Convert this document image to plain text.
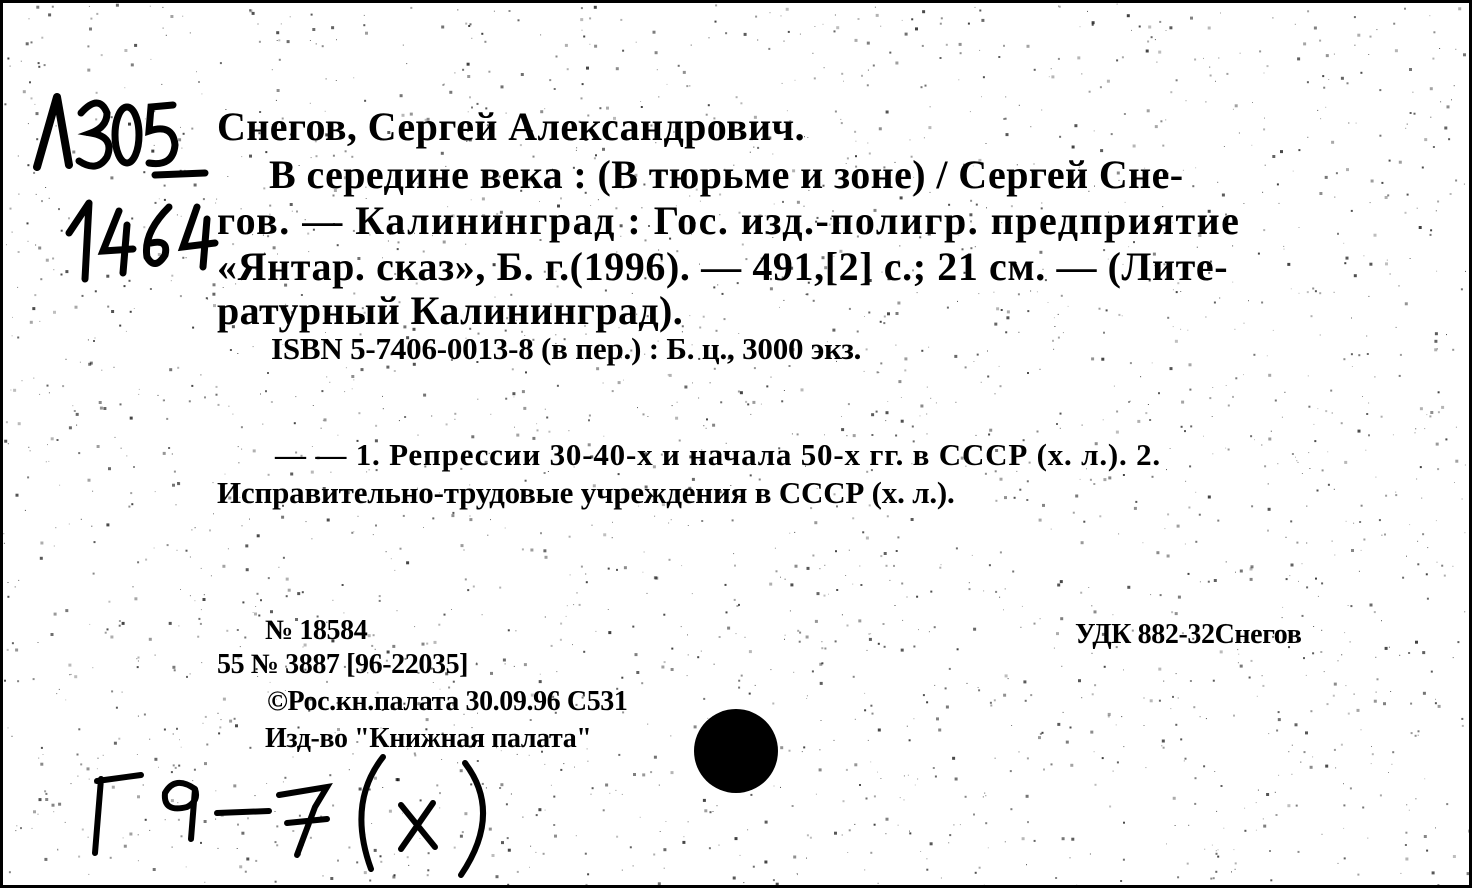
Снегов, Сергей Александрович.
В середине века : (В тюрьме и зоне) / Сергей Сне-
гов. — Калининград : Гос. изд.-полигр. предприятие
«Янтар. сказ», Б. г.(1996). — 491,[2] с.; 21 см. — (Лите-
ратурный Калининград).
ISBN 5-7406-0013-8 (в пер.) : Б. ц., 3000 экз.
— — 1. Репрессии 30-40-х и начала 50-х гг. в СССР (х. л.). 2.
Исправительно-трудовые учреждения в СССР (х. л.).
№ 18584	УДК 882-32Снегов
55 № 3887 [96-22035]
©Рос.кн.палата 30.09.96 С531
Изд-во "Книжная палата"
